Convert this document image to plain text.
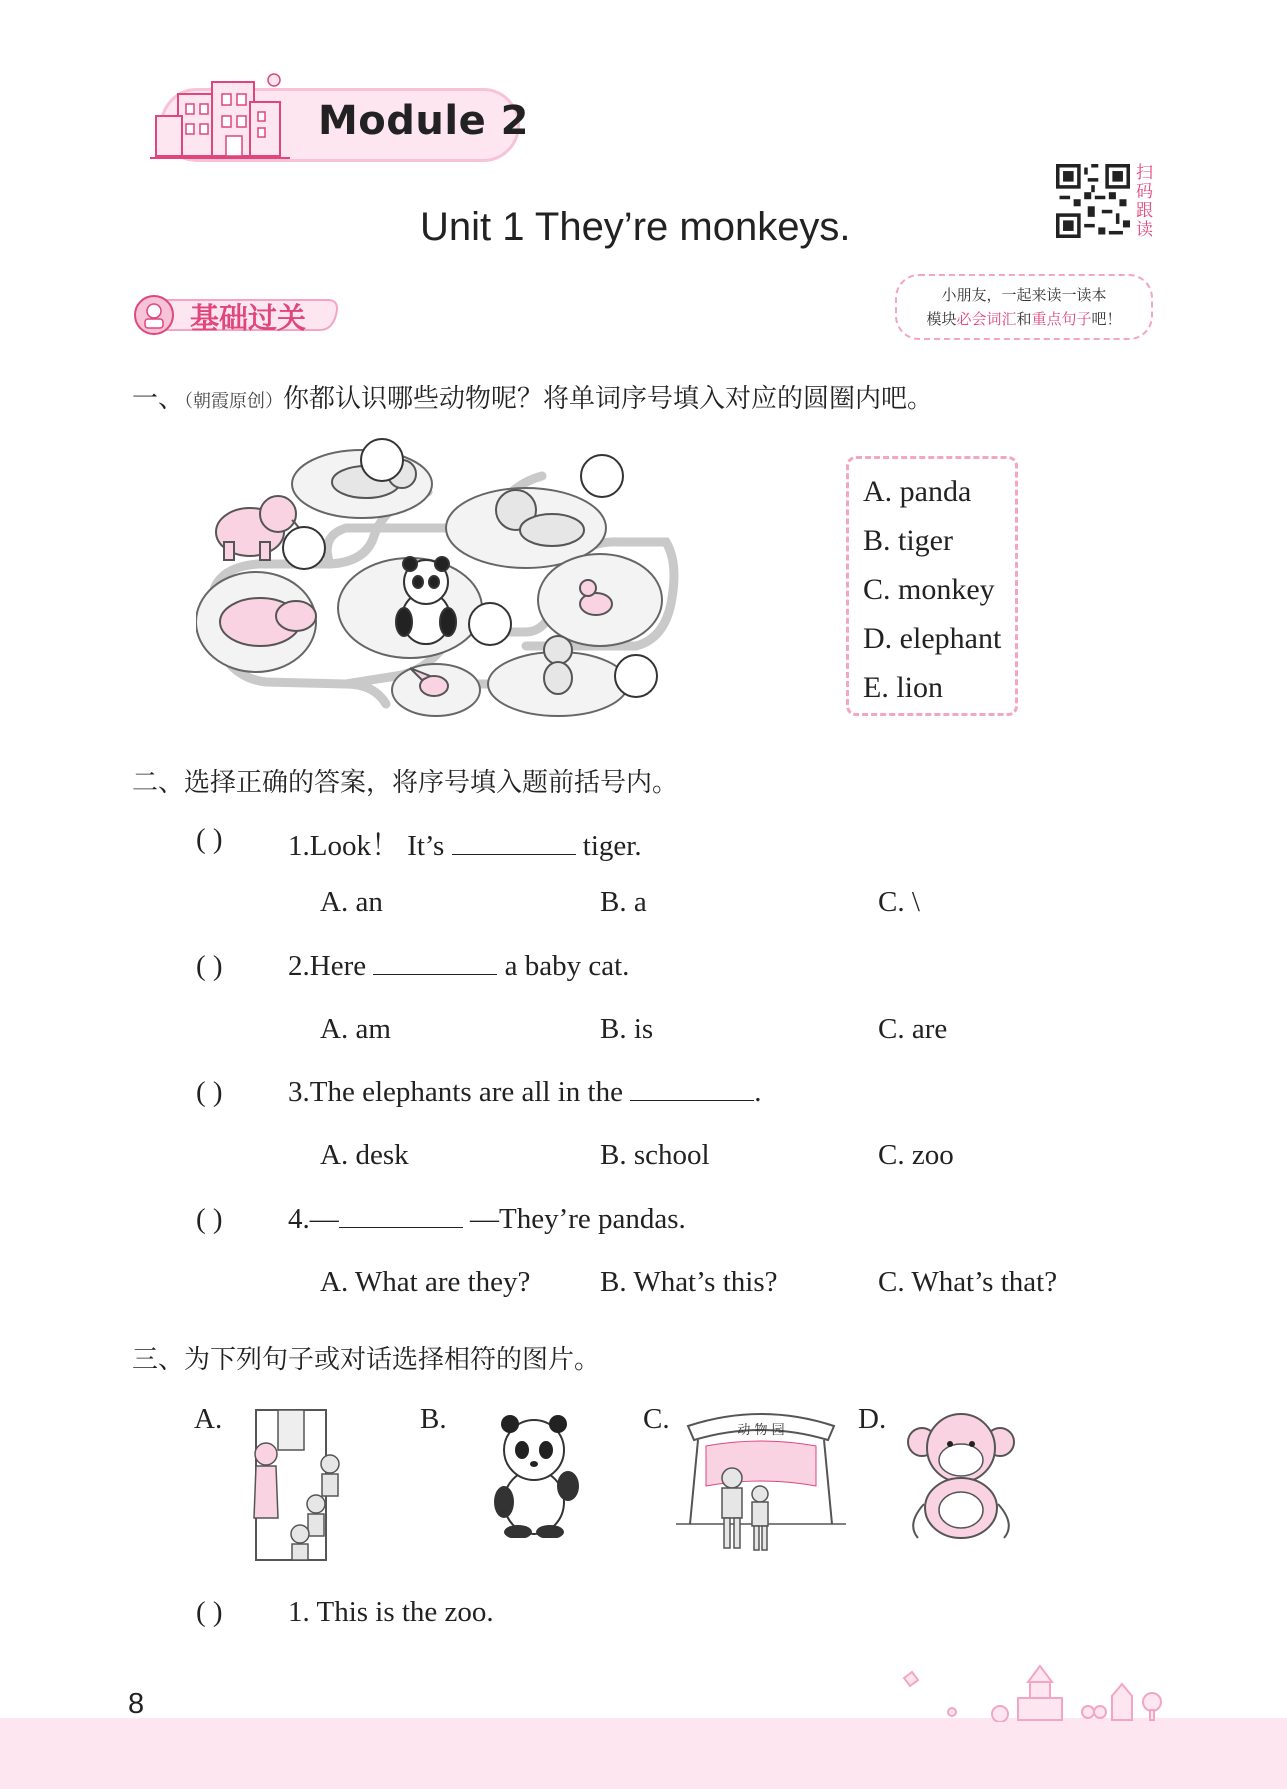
Module 2
Unit 1 They’re monkeys.
扫码跟读
小朋友，一起来读一读本
模块必会词汇和重点句子吧！
基础过关
一、（朝霞原创）你都认识哪些动物呢？将单词序号填入对应的圆圈内吧。
A. panda
B. tiger
C. monkey
D. elephant
E. lion
二、选择正确的答案，将序号填入题前括号内。
( ) 1.Look！ It’s	tiger.
A. an	B. a	C. \
( ) 2.Here	a baby cat.
A. am	B. is	C. are
( ) 3.The elephants are all in the	.
A. desk	B. school	C. zoo
( ) 4.—	—They’re pandas.
A. What are they? B. What’s this?	C. What’s that?
三、为下列句子或对话选择相符的图片。
A.	B.	C.	动 物 园	D.
( ) 1. This is the zoo.
8
